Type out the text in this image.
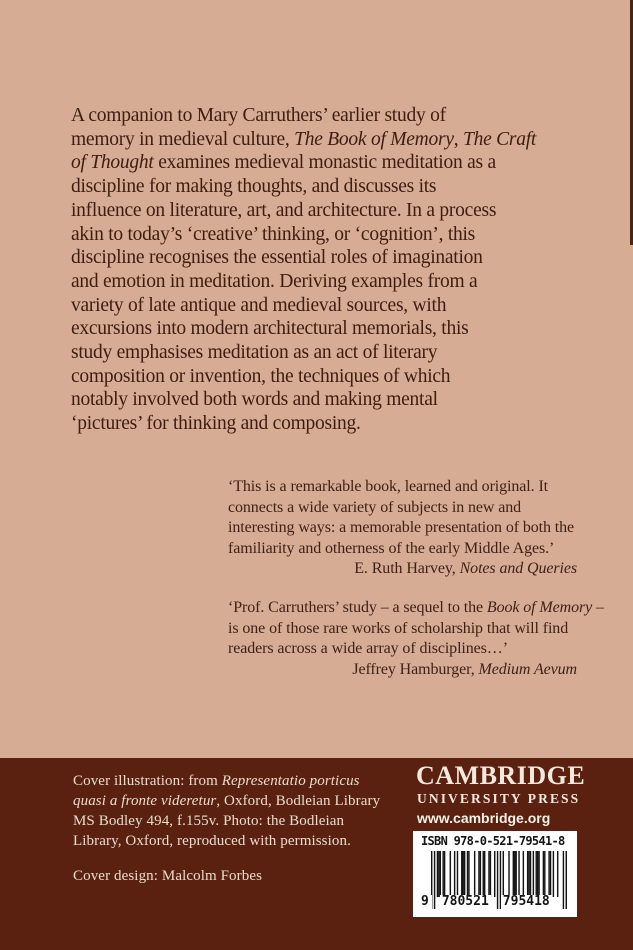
A companion to Mary Carruthers’ earlier study of
memory in medieval culture, The Book of Memory, The Craft
of Thought examines medieval monastic meditation as a
discipline for making thoughts, and discusses its
influence on literature, art, and architecture. In a process
akin to today’s ‘creative’ thinking, or ‘cognition’, this
discipline recognises the essential roles of imagination
and emotion in meditation. Deriving examples from a
variety of late antique and medieval sources, with
excursions into modern architectural memorials, this
study emphasises meditation as an act of literary
composition or invention, the techniques of which
notably involved both words and making mental
‘pictures’ for thinking and composing.
‘This is a remarkable book, learned and original. It
connects a wide variety of subjects in new and
interesting ways: a memorable presentation of both the
familiarity and otherness of the early Middle Ages.’
E. Ruth Harvey, Notes and Queries
‘Prof. Carruthers’ study – a sequel to the Book of Memory –
is one of those rare works of scholarship that will find
readers across a wide array of disciplines…’
Jeffrey Hamburger, Medium Aevum
Cover illustration: from Representatio porticus
quasi a fronte videretur, Oxford, Bodleian Library
MS Bodley 494, f.155v. Photo: the Bodleian
Library, Oxford, reproduced with permission.
Cover design: Malcolm Forbes
CAMBRIDGE
UNIVERSITY PRESS
www.cambridge.org
ISBN 978-0-521-79541-8
9 780521 795418
